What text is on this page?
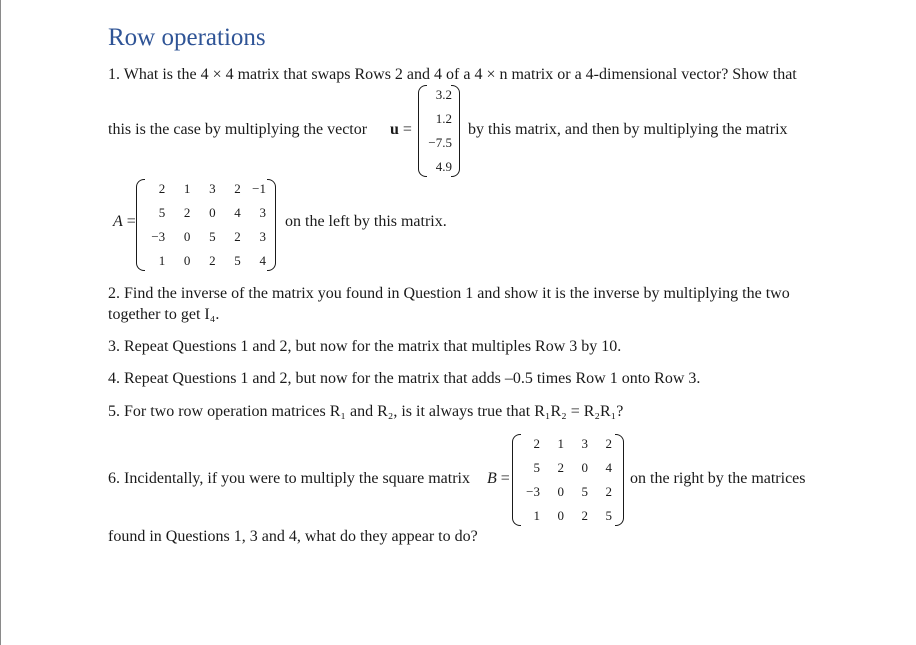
Row operations
1. What is the 4 × 4 matrix that swaps Rows 2 and 4 of a 4 × n matrix or a 4-dimensional vector? Show that
this is the case by multiplying the vector u =
3.2
1.2
−7.5
4.9
by this matrix, and then by multiplying the matrix
A =
2	1	3	2 −1
5	2	0	4	3
−3	0	5	2	3
1	0	2	5	4
on the left by this matrix.
2. Find the inverse of the matrix you found in Question 1 and show it is the inverse by multiplying the two
together to get I₄.
3. Repeat Questions 1 and 2, but now for the matrix that multiples Row 3 by 10.
4. Repeat Questions 1 and 2, but now for the matrix that adds –0.5 times Row 1 onto Row 3.
5. For two row operation matrices R₁ and R₂, is it always true that R₁R₂ = R₂R₁?
6. Incidentally, if you were to multiply the square matrix B =
2	1	3	2
5	2	0	4
−3	0	5	2
1	0	2	5
on the right by the matrices
found in Questions 1, 3 and 4, what do they appear to do?
